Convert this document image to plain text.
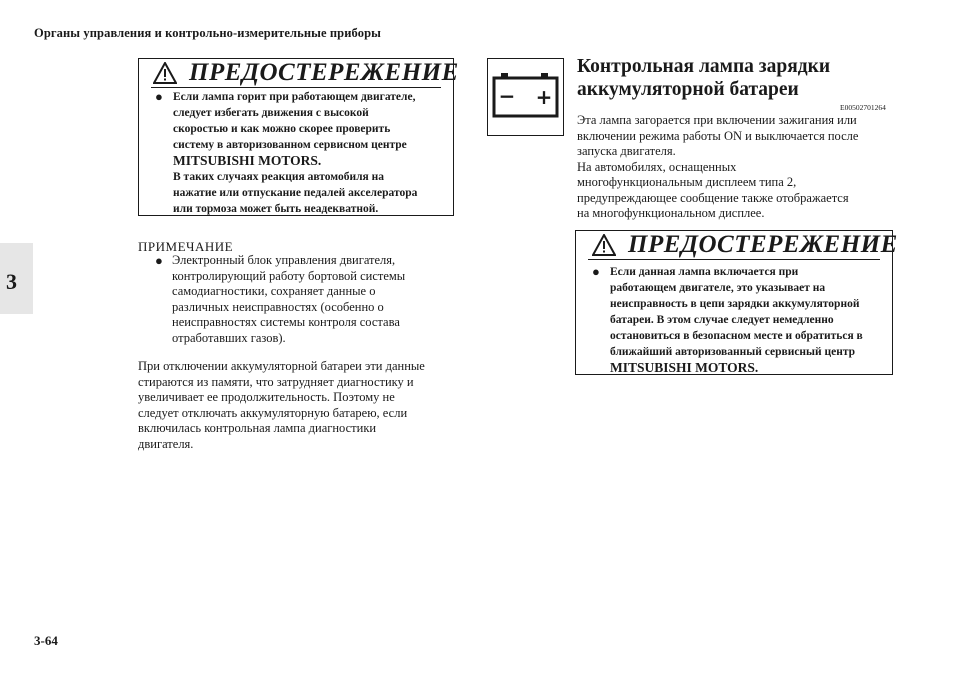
Органы управления и контрольно-измерительные приборы
3
ПРЕДОСТЕРЕЖЕНИЕ
● Если лампа горит при работающем двигателе,
следует избегать движения с высокой
скоростью и как можно скорее проверить
систему в авторизованном сервисном центре
MITSUBISHI MOTORS.
В таких случаях реакция автомобиля на
нажатие или отпускание педалей акселератора
или тормоза может быть неадекватной.
ПРИМЕЧАНИЕ
● Электронный блок управления двигателя,
контролирующий работу бортовой системы
самодиагностики, сохраняет данные о
различных неисправностях (особенно о
неисправностях системы контроля состава
отработавших газов).
При отключении аккумуляторной батареи эти данные
стираются из памяти, что затрудняет диагностику и
увеличивает ее продолжительность. Поэтому не
следует отключать аккумуляторную батарею, если
включилась контрольная лампа диагностики
двигателя.
− +
Контрольная лампа зарядки
аккумуляторной батареи
E00502701264
Эта лампа загорается при включении зажигания или
включении режима работы ON и выключается после
запуска двигателя.
На автомобилях, оснащенных
многофункциональным дисплеем типа 2,
предупреждающее сообщение также отображается
на многофункциональном дисплее.
ПРЕДОСТЕРЕЖЕНИЕ
● Если данная лампа включается при
работающем двигателе, это указывает на
неисправность в цепи зарядки аккумуляторной
батареи. В этом случае следует немедленно
остановиться в безопасном месте и обратиться в
ближайший авторизованный сервисный центр
MITSUBISHI MOTORS.
3-64
